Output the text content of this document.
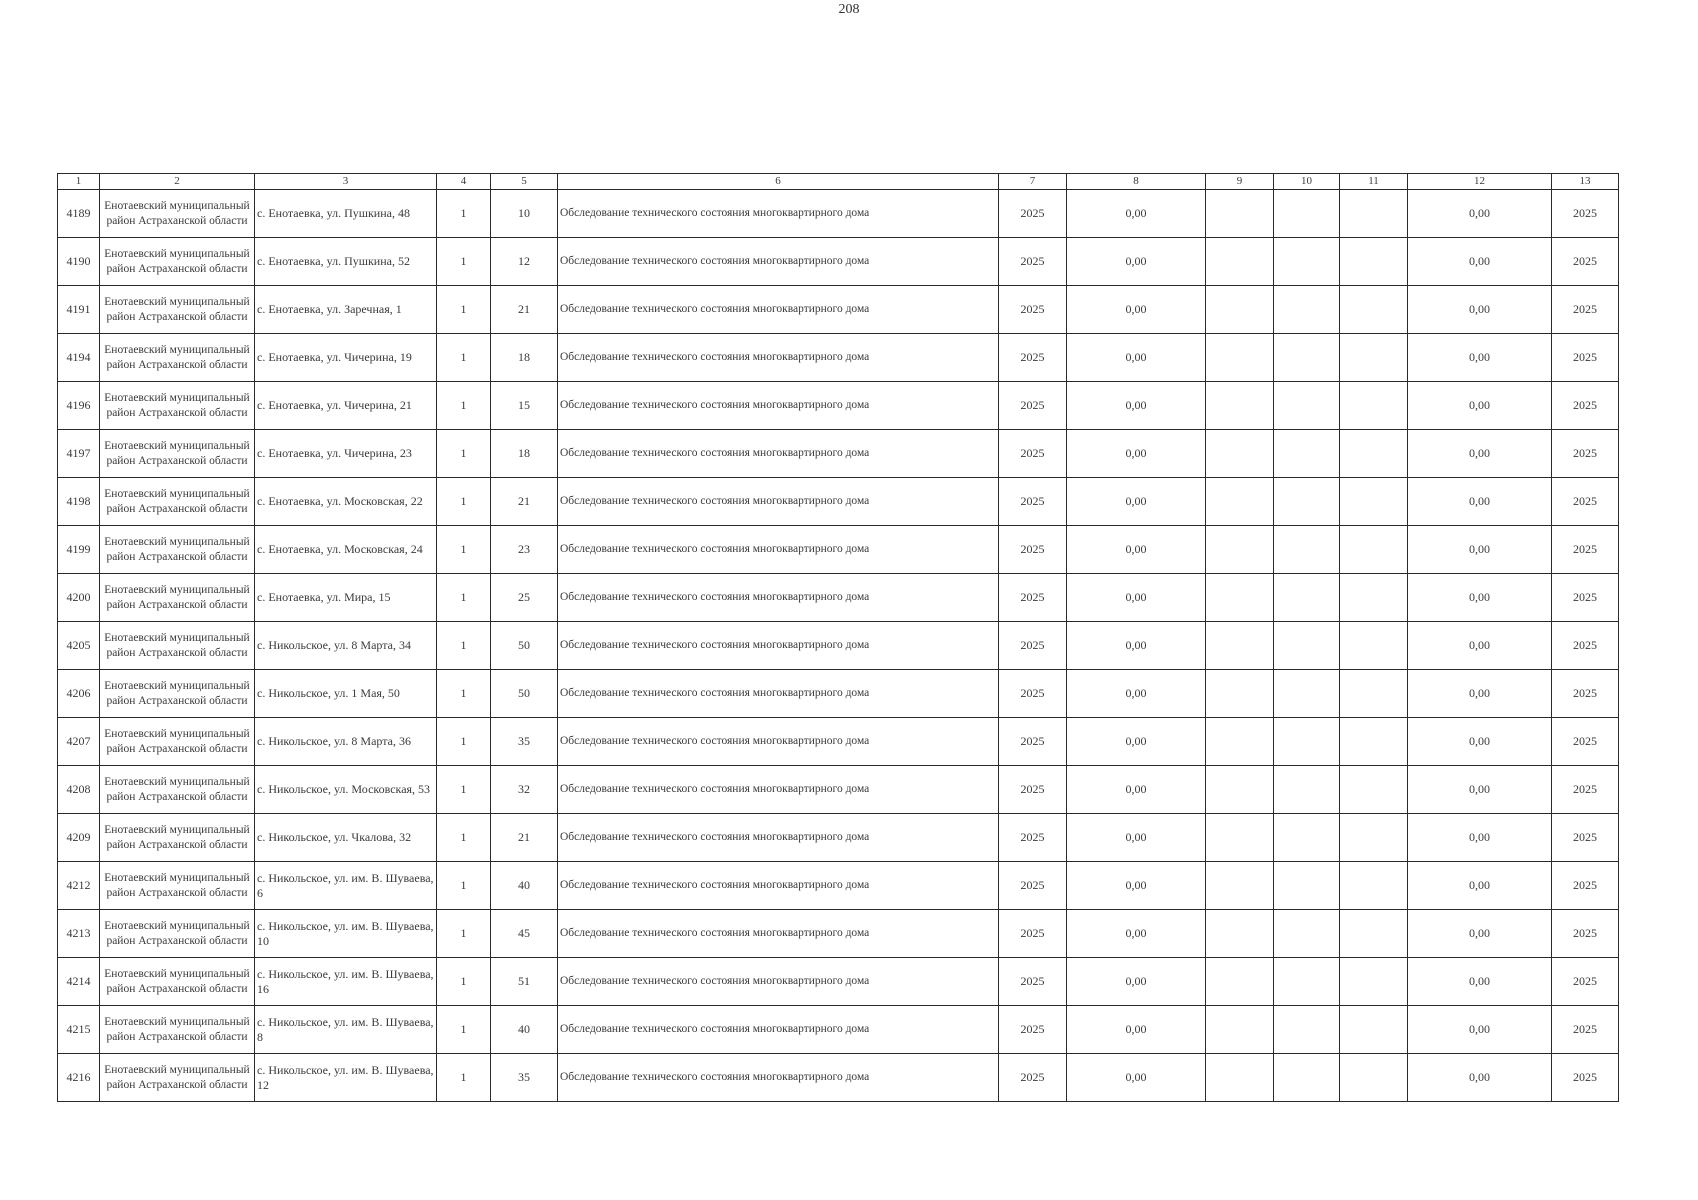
208
1	2	3	4	5	6	7	8	9	10	11	12	13
4189	Енотаевский муниципальный район Астраханской области	с. Енотаевка, ул. Пушкина, 48	1	10	Обследование технического состояния многоквартирного дома	2025	0,00				0,00	2025
4190	Енотаевский муниципальный район Астраханской области	с. Енотаевка, ул. Пушкина, 52	1	12	Обследование технического состояния многоквартирного дома	2025	0,00				0,00	2025
4191	Енотаевский муниципальный район Астраханской области	с. Енотаевка, ул. Заречная, 1	1	21	Обследование технического состояния многоквартирного дома	2025	0,00				0,00	2025
4194	Енотаевский муниципальный район Астраханской области	с. Енотаевка, ул. Чичерина, 19	1	18	Обследование технического состояния многоквартирного дома	2025	0,00				0,00	2025
4196	Енотаевский муниципальный район Астраханской области	с. Енотаевка, ул. Чичерина, 21	1	15	Обследование технического состояния многоквартирного дома	2025	0,00				0,00	2025
4197	Енотаевский муниципальный район Астраханской области	с. Енотаевка, ул. Чичерина, 23	1	18	Обследование технического состояния многоквартирного дома	2025	0,00				0,00	2025
4198	Енотаевский муниципальный район Астраханской области	с. Енотаевка, ул. Московская, 22	1	21	Обследование технического состояния многоквартирного дома	2025	0,00				0,00	2025
4199	Енотаевский муниципальный район Астраханской области	с. Енотаевка, ул. Московская, 24	1	23	Обследование технического состояния многоквартирного дома	2025	0,00				0,00	2025
4200	Енотаевский муниципальный район Астраханской области	с. Енотаевка, ул. Мира, 15	1	25	Обследование технического состояния многоквартирного дома	2025	0,00				0,00	2025
4205	Енотаевский муниципальный район Астраханской области	с. Никольское, ул. 8 Марта, 34	1	50	Обследование технического состояния многоквартирного дома	2025	0,00				0,00	2025
4206	Енотаевский муниципальный район Астраханской области	с. Никольское, ул. 1 Мая, 50	1	50	Обследование технического состояния многоквартирного дома	2025	0,00				0,00	2025
4207	Енотаевский муниципальный район Астраханской области	с. Никольское, ул. 8 Марта, 36	1	35	Обследование технического состояния многоквартирного дома	2025	0,00				0,00	2025
4208	Енотаевский муниципальный район Астраханской области	с. Никольское, ул. Московская, 53	1	32	Обследование технического состояния многоквартирного дома	2025	0,00				0,00	2025
4209	Енотаевский муниципальный район Астраханской области	с. Никольское, ул. Чкалова, 32	1	21	Обследование технического состояния многоквартирного дома	2025	0,00				0,00	2025
4212	Енотаевский муниципальный район Астраханской области	с. Никольское, ул. им. В. Шуваева, 6	1	40	Обследование технического состояния многоквартирного дома	2025	0,00				0,00	2025
4213	Енотаевский муниципальный район Астраханской области	с. Никольское, ул. им. В. Шуваева, 10	1	45	Обследование технического состояния многоквартирного дома	2025	0,00				0,00	2025
4214	Енотаевский муниципальный район Астраханской области	с. Никольское, ул. им. В. Шуваева, 16	1	51	Обследование технического состояния многоквартирного дома	2025	0,00				0,00	2025
4215	Енотаевский муниципальный район Астраханской области	с. Никольское, ул. им. В. Шуваева, 8	1	40	Обследование технического состояния многоквартирного дома	2025	0,00				0,00	2025
4216	Енотаевский муниципальный район Астраханской области	с. Никольское, ул. им. В. Шуваева, 12	1	35	Обследование технического состояния многоквартирного дома	2025	0,00				0,00	2025
